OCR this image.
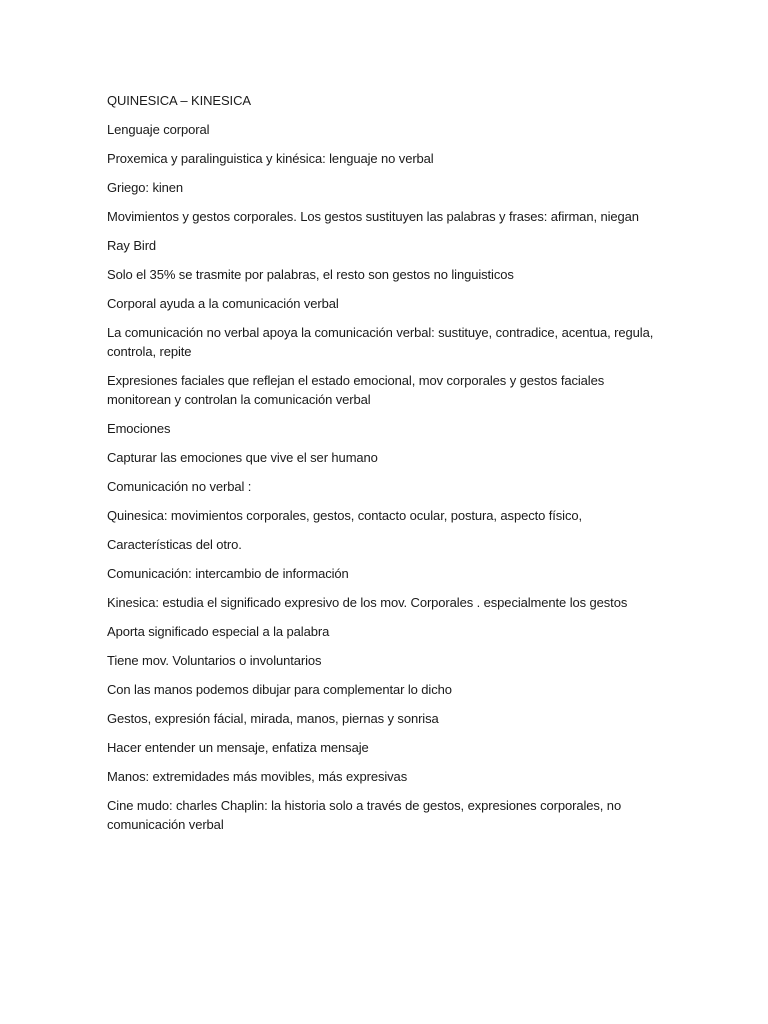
QUINESICA – KINESICA

Lenguaje corporal

Proxemica y paralinguistica y kinésica: lenguaje no verbal

Griego: kinen

Movimientos y gestos corporales. Los gestos sustituyen las palabras y frases: afirman, niegan

Ray Bird

Solo el 35% se trasmite por palabras, el resto son gestos no linguisticos

Corporal ayuda a la comunicación verbal

La comunicación no verbal apoya la comunicación verbal: sustituye, contradice, acentua, regula, controla, repite

Expresiones faciales que reflejan el estado emocional, mov corporales y gestos faciales monitorean y controlan la comunicación verbal

Emociones

Capturar las emociones que vive el ser humano

Comunicación no verbal :

Quinesica: movimientos corporales, gestos, contacto ocular, postura, aspecto físico,

Características del otro.

Comunicación: intercambio de información

Kinesica: estudia el significado expresivo de los mov. Corporales . especialmente los gestos

Aporta significado especial a la palabra

Tiene mov. Voluntarios o involuntarios

Con las manos podemos dibujar para complementar lo dicho

Gestos, expresión fácial, mirada, manos, piernas y sonrisa

Hacer entender un mensaje, enfatiza mensaje

Manos: extremidades más movibles, más expresivas

Cine mudo: charles Chaplin: la historia solo a través de gestos, expresiones corporales, no comunicación verbal
